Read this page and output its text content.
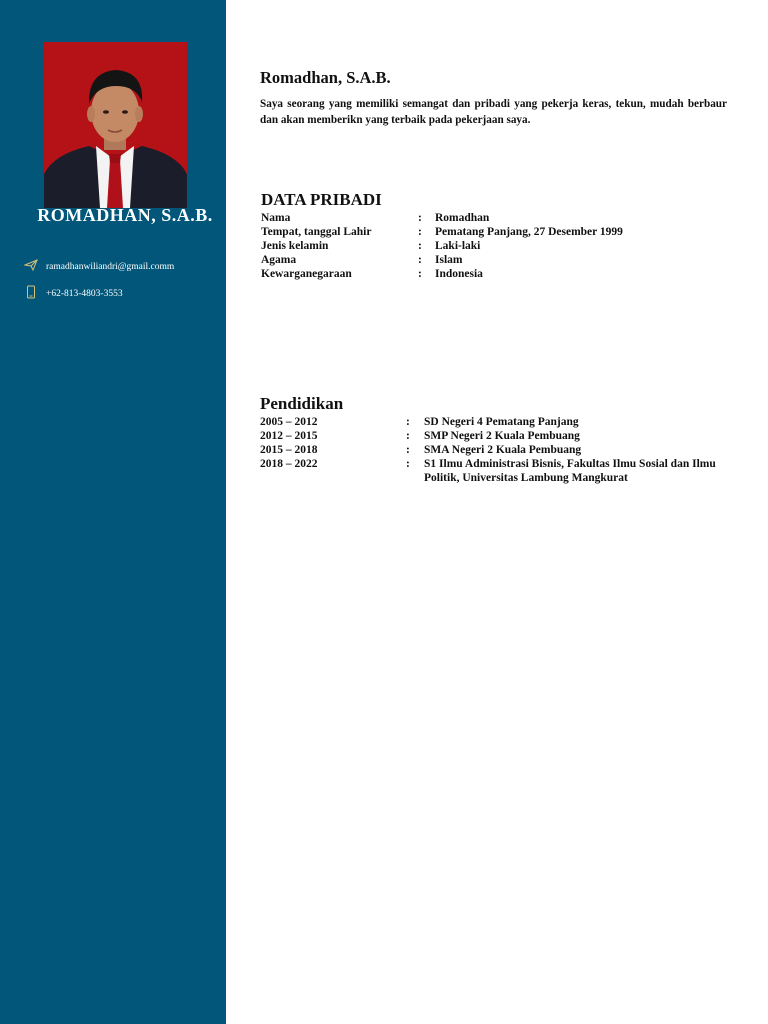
ROMADHAN, S.A.B.
ramadhanwiliandri@gmail.comm
+62-813-4803-3553
Romadhan, S.A.B.
Saya seorang yang memiliki semangat dan pribadi yang pekerja keras, tekun, mudah berbaur dan akan memberikn yang terbaik pada pekerjaan saya.
DATA PRIBADI
Nama	:	Romadhan
Tempat, tanggal Lahir	:	Pematang Panjang, 27 Desember 1999
Jenis kelamin	:	Laki-laki
Agama	:	Islam
Kewarganegaraan	:	Indonesia
Pendidikan
2005 – 2012	:	SD Negeri 4 Pematang Panjang
2012 – 2015	:	SMP Negeri 2 Kuala Pembuang
2015 – 2018	:	SMA Negeri 2 Kuala Pembuang
2018 – 2022	:	S1 Ilmu Administrasi Bisnis, Fakultas Ilmu Sosial dan Ilmu Politik, Universitas Lambung Mangkurat
